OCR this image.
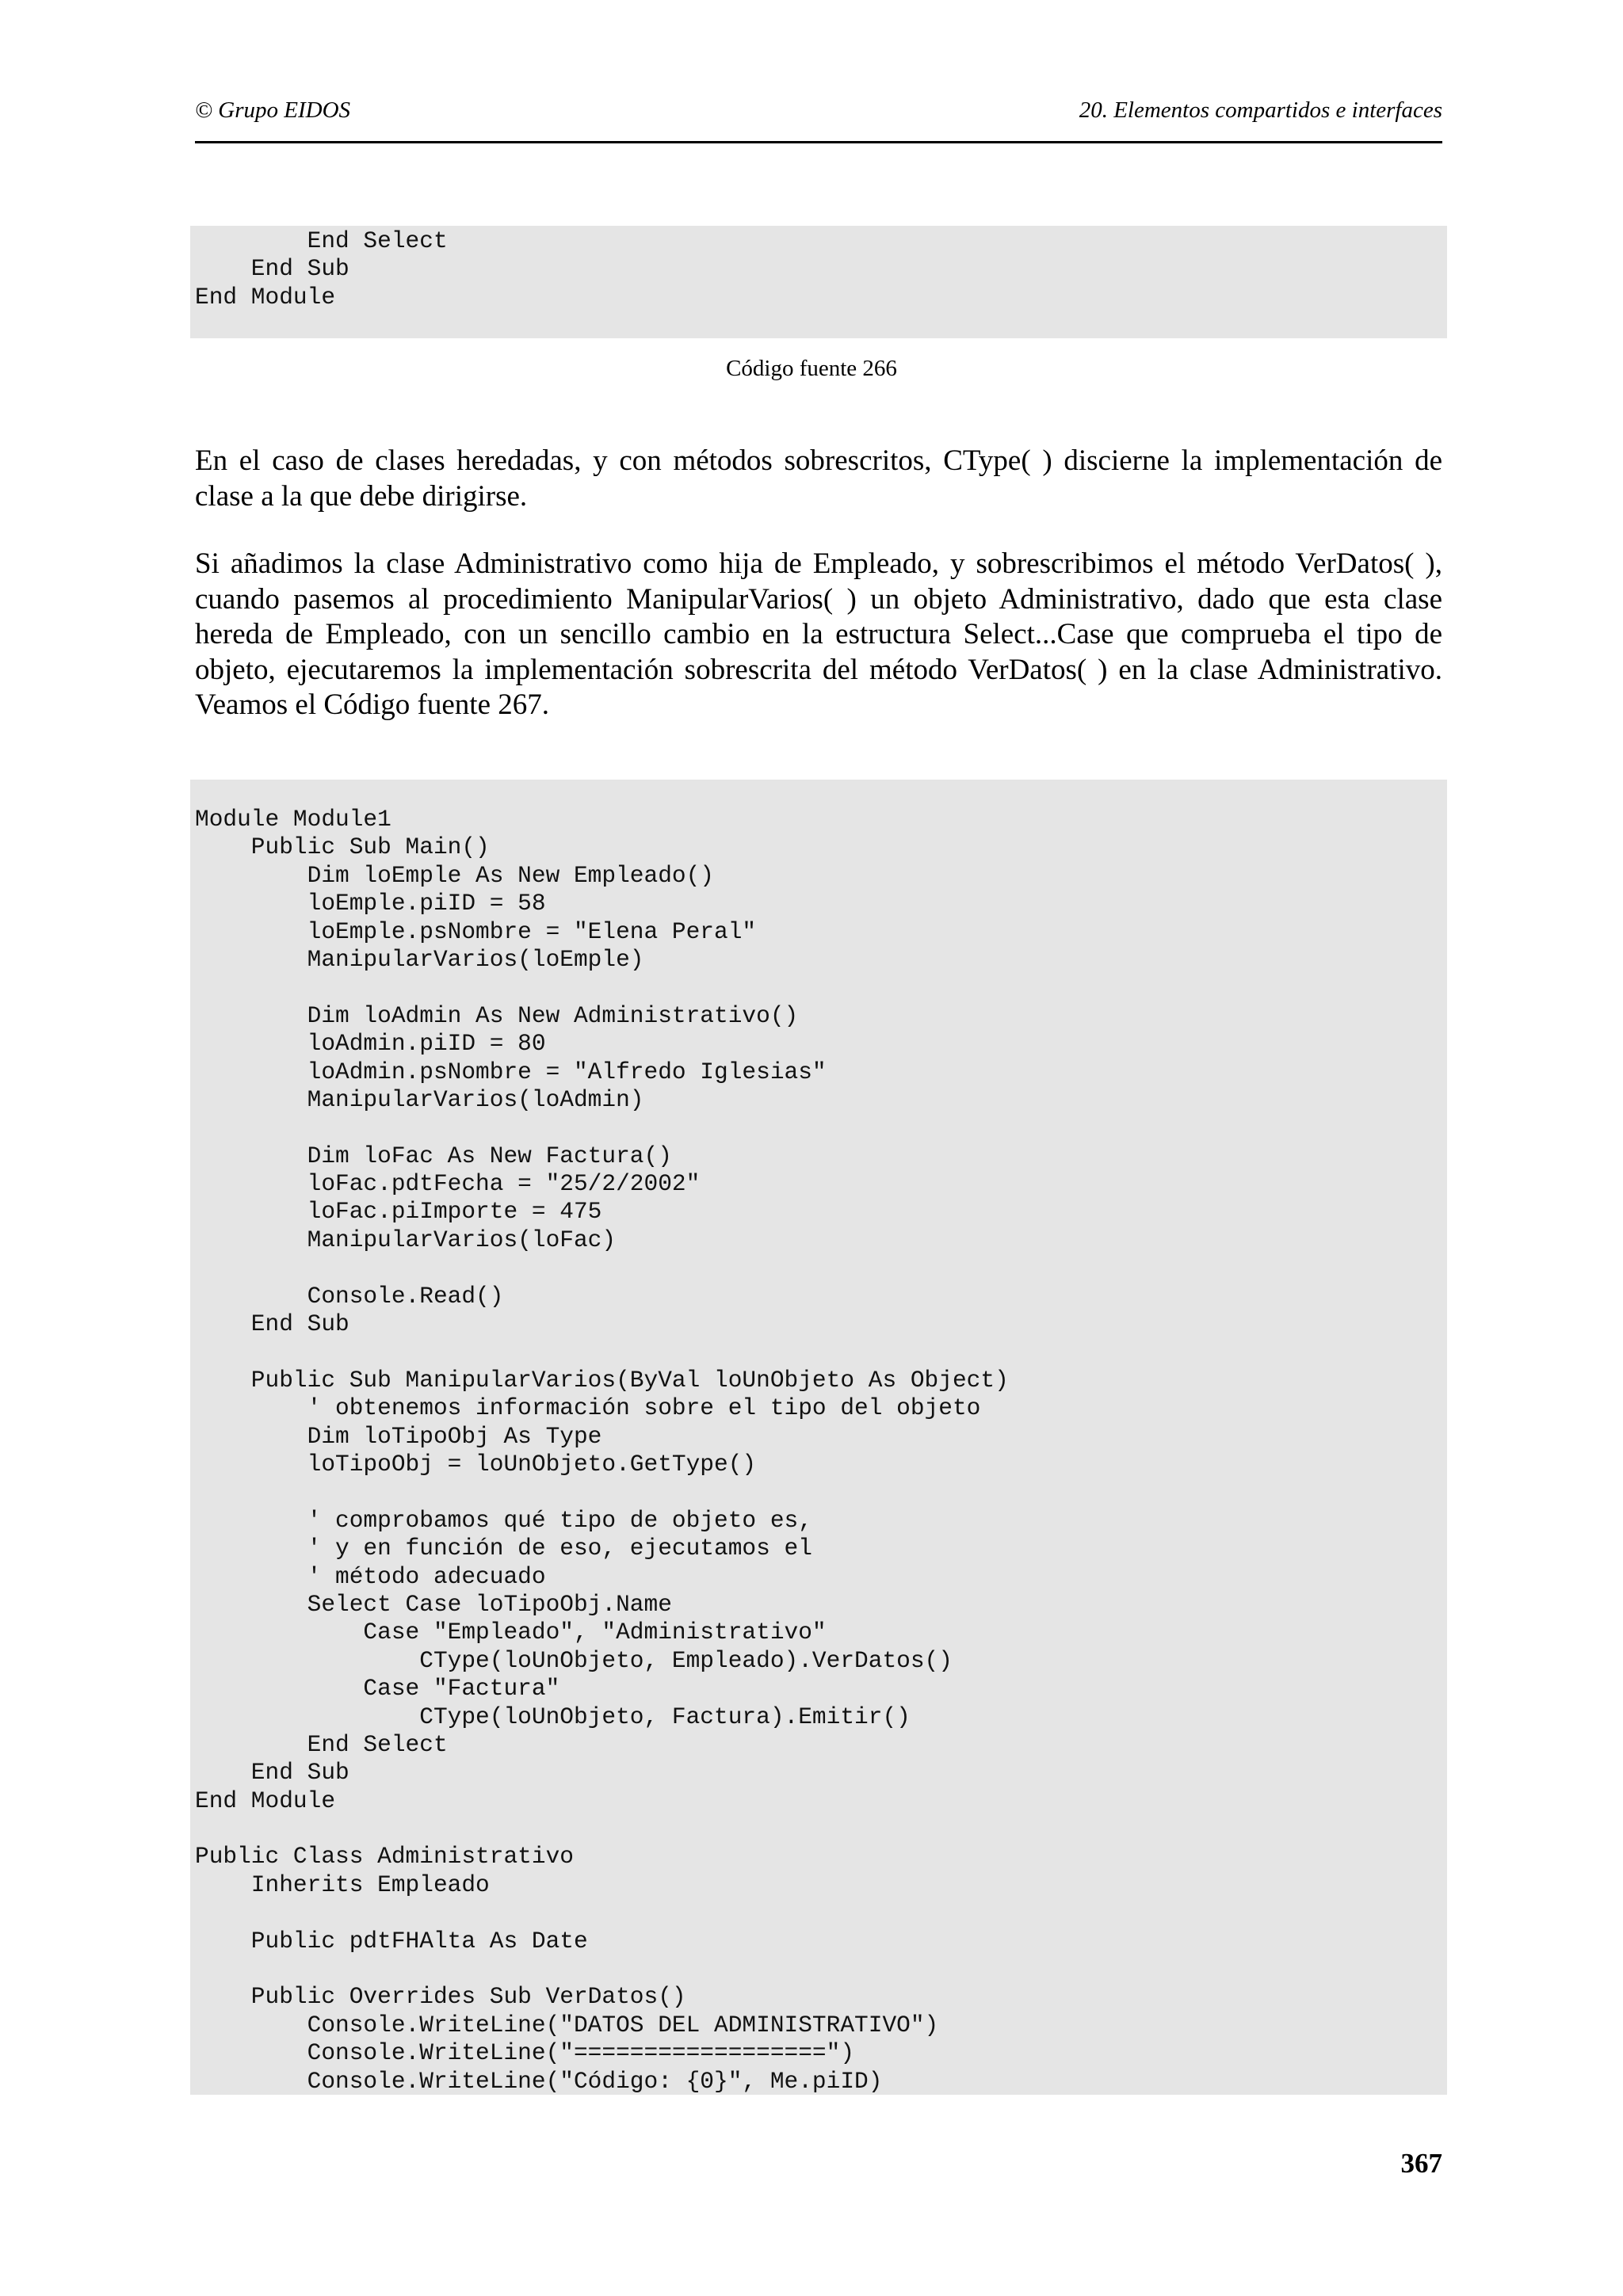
© Grupo EIDOS	20. Elementos compartidos e interfaces
End Select
End Sub
End Module
Código fuente 266

En el caso de clases heredadas, y con métodos sobrescritos, CType( ) discierne la implementación de clase a la que debe dirigirse.

Si añadimos la clase Administrativo como hija de Empleado, y sobrescribimos el método VerDatos( ), cuando pasemos al procedimiento ManipularVarios( ) un objeto Administrativo, dado que esta clase hereda de Empleado, con un sencillo cambio en la estructura Select...Case que comprueba el tipo de objeto, ejecutaremos la implementación sobrescrita del método VerDatos( ) en la clase Administrativo. Veamos el Código fuente 267.

Module Module1
Public Sub Main()
Dim loEmple As New Empleado()
loEmple.piID = 58
loEmple.psNombre = "Elena Peral"
ManipularVarios(loEmple)
Dim loAdmin As New Administrativo()
loAdmin.piID = 80
loAdmin.psNombre = "Alfredo Iglesias"
ManipularVarios(loAdmin)
Dim loFac As New Factura()
loFac.pdtFecha = "25/2/2002"
loFac.piImporte = 475
ManipularVarios(loFac)
Console.Read()
End Sub
Public Sub ManipularVarios(ByVal loUnObjeto As Object)
' obtenemos información sobre el tipo del objeto
Dim loTipoObj As Type
loTipoObj = loUnObjeto.GetType()
' comprobamos qué tipo de objeto es,
' y en función de eso, ejecutamos el
' método adecuado
Select Case loTipoObj.Name
Case "Empleado", "Administrativo"
CType(loUnObjeto, Empleado).VerDatos()
Case "Factura"
CType(loUnObjeto, Factura).Emitir()
End Select
End Sub
End Module
Public Class Administrativo
Inherits Empleado
Public pdtFHAlta As Date
Public Overrides Sub VerDatos()
Console.WriteLine("DATOS DEL ADMINISTRATIVO")
Console.WriteLine("==================")
Console.WriteLine("Código: {0}", Me.piID)
367
